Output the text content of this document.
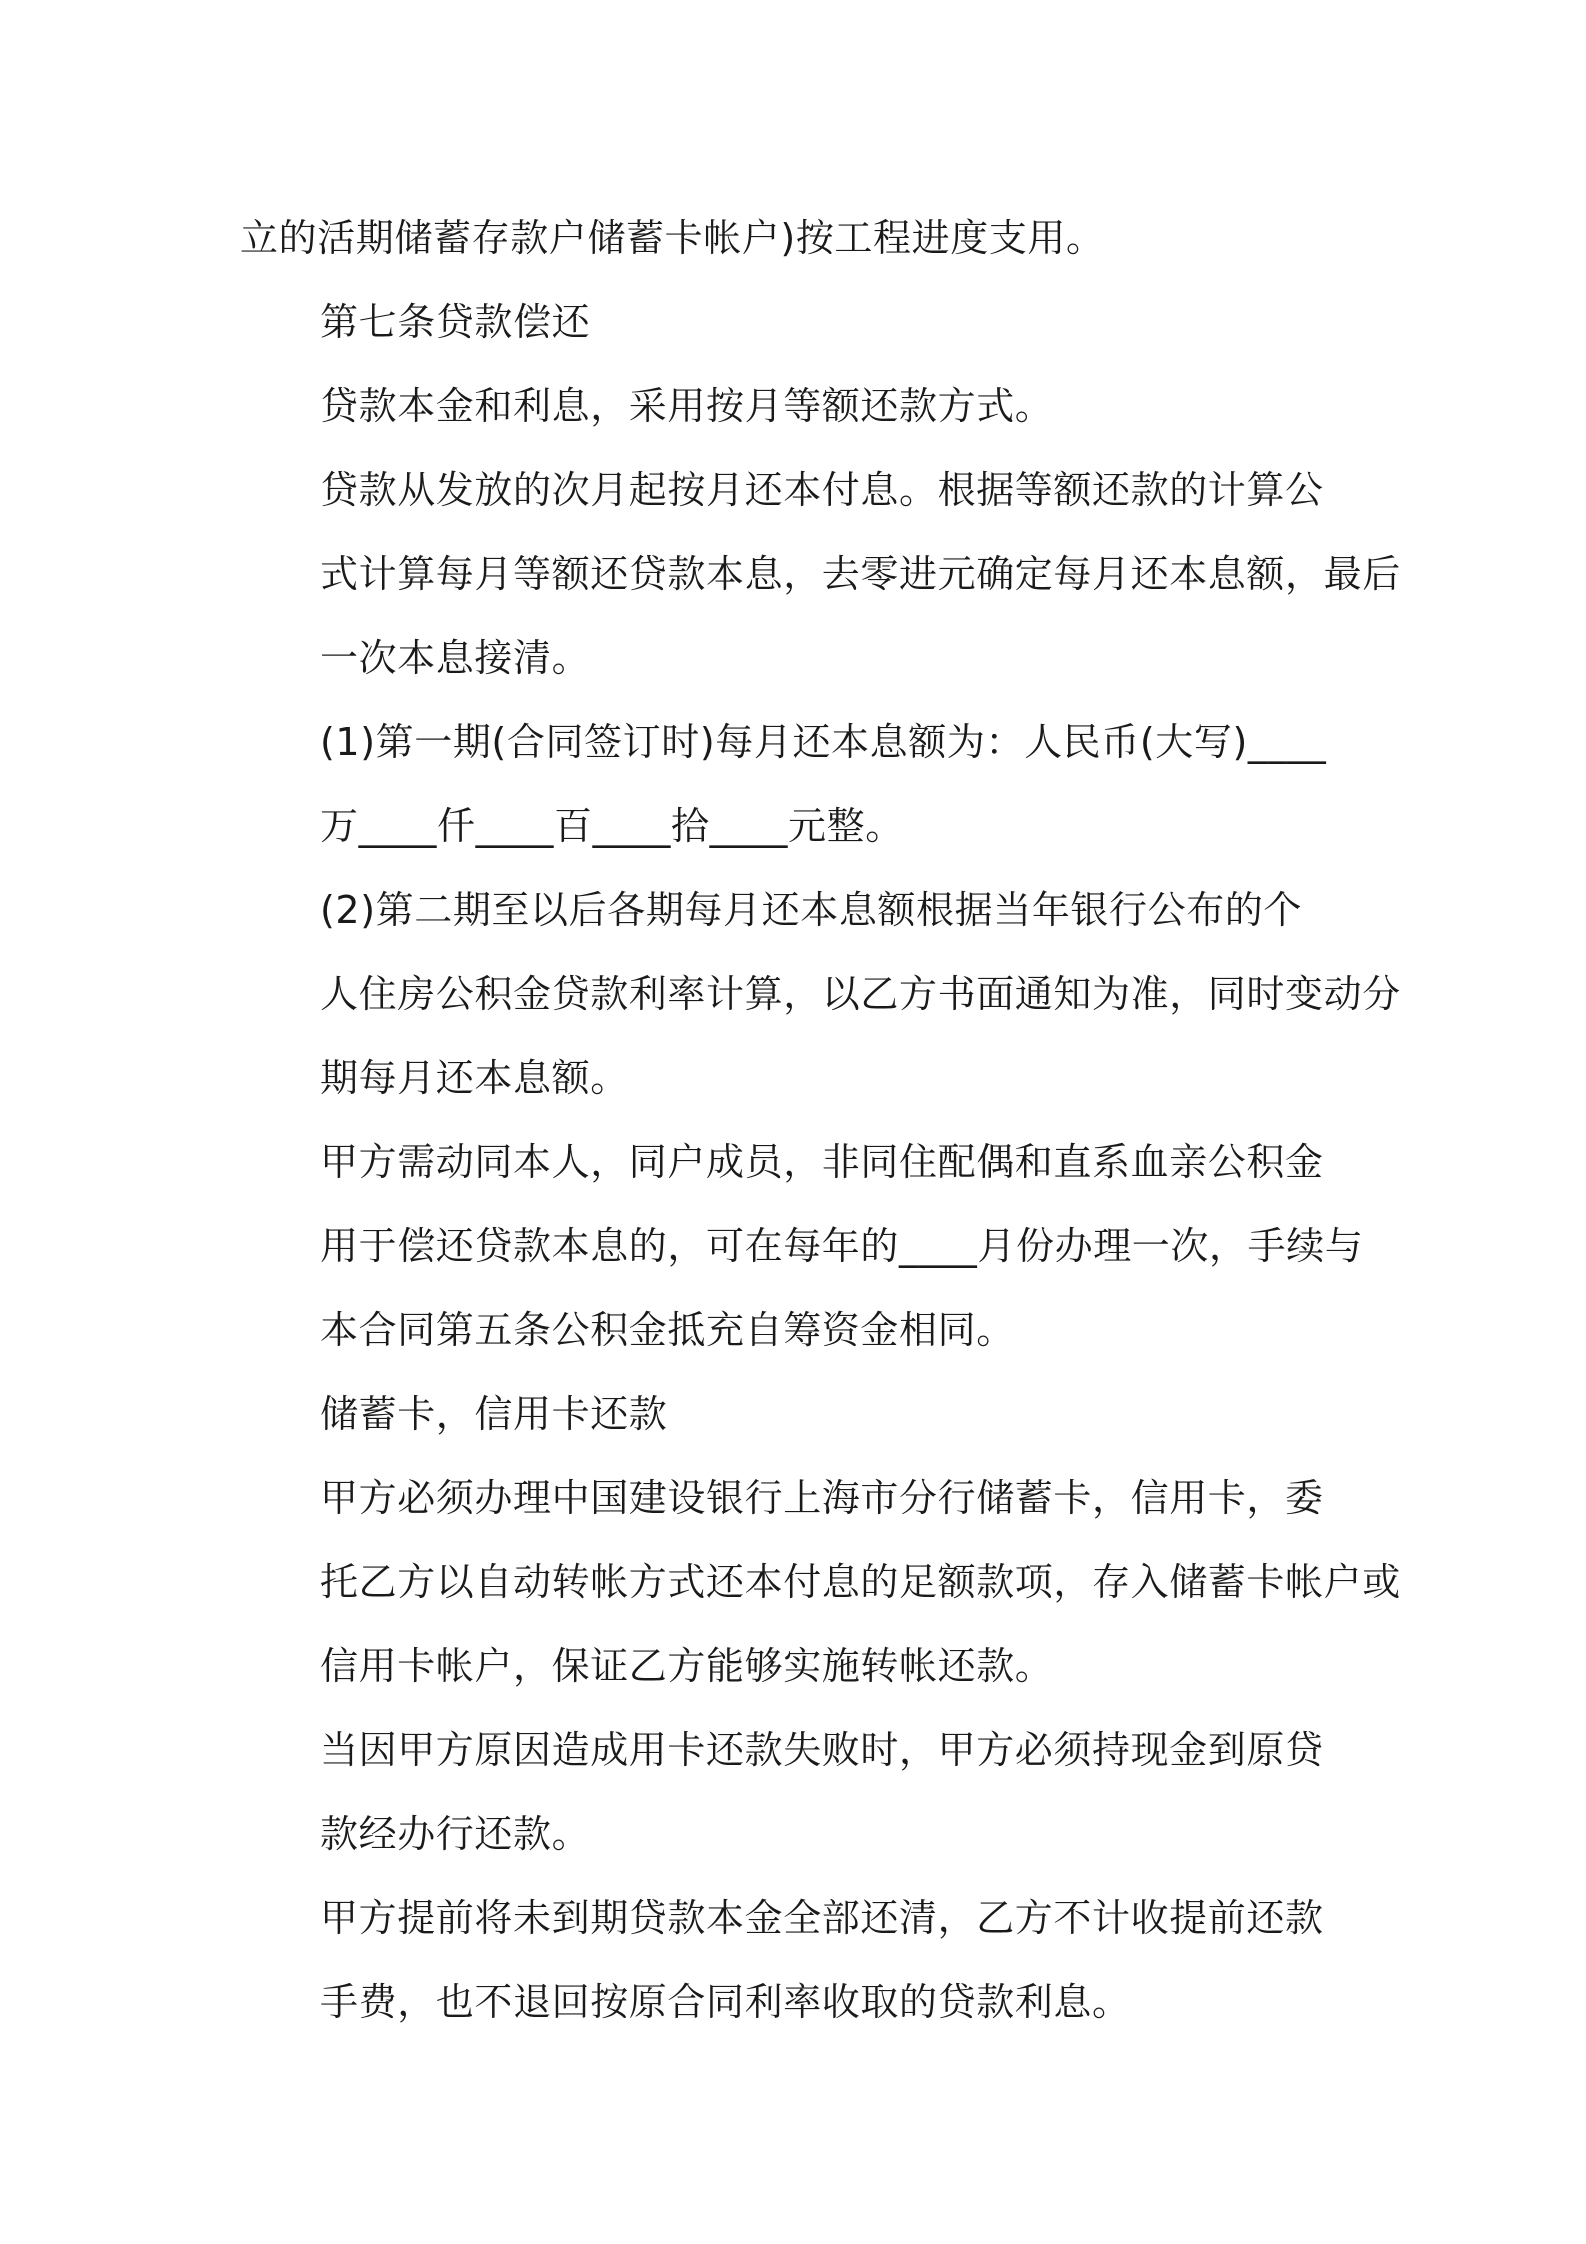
立的活期储蓄存款户储蓄卡帐户)按工程进度支用。

第七条贷款偿还

贷款本金和利息，采用按月等额还款方式。

贷款从发放的次月起按月还本付息。根据等额还款的计算公
式计算每月等额还贷款本息，去零进元确定每月还本息额，最后
一次本息接清。

(1)第一期(合同签订时)每月还本息额为：人民币(大写)____
万____仟____百____拾____元整。

(2)第二期至以后各期每月还本息额根据当年银行公布的个
人住房公积金贷款利率计算，以乙方书面通知为准，同时变动分
期每月还本息额。

甲方需动同本人，同户成员，非同住配偶和直系血亲公积金
用于偿还贷款本息的，可在每年的____月份办理一次，手续与
本合同第五条公积金抵充自筹资金相同。

储蓄卡，信用卡还款

甲方必须办理中国建设银行上海市分行储蓄卡，信用卡，委
托乙方以自动转帐方式还本付息的足额款项，存入储蓄卡帐户或
信用卡帐户，保证乙方能够实施转帐还款。

当因甲方原因造成用卡还款失败时，甲方必须持现金到原贷
款经办行还款。

甲方提前将未到期贷款本金全部还清，乙方不计收提前还款
手费，也不退回按原合同利率收取的贷款利息。
